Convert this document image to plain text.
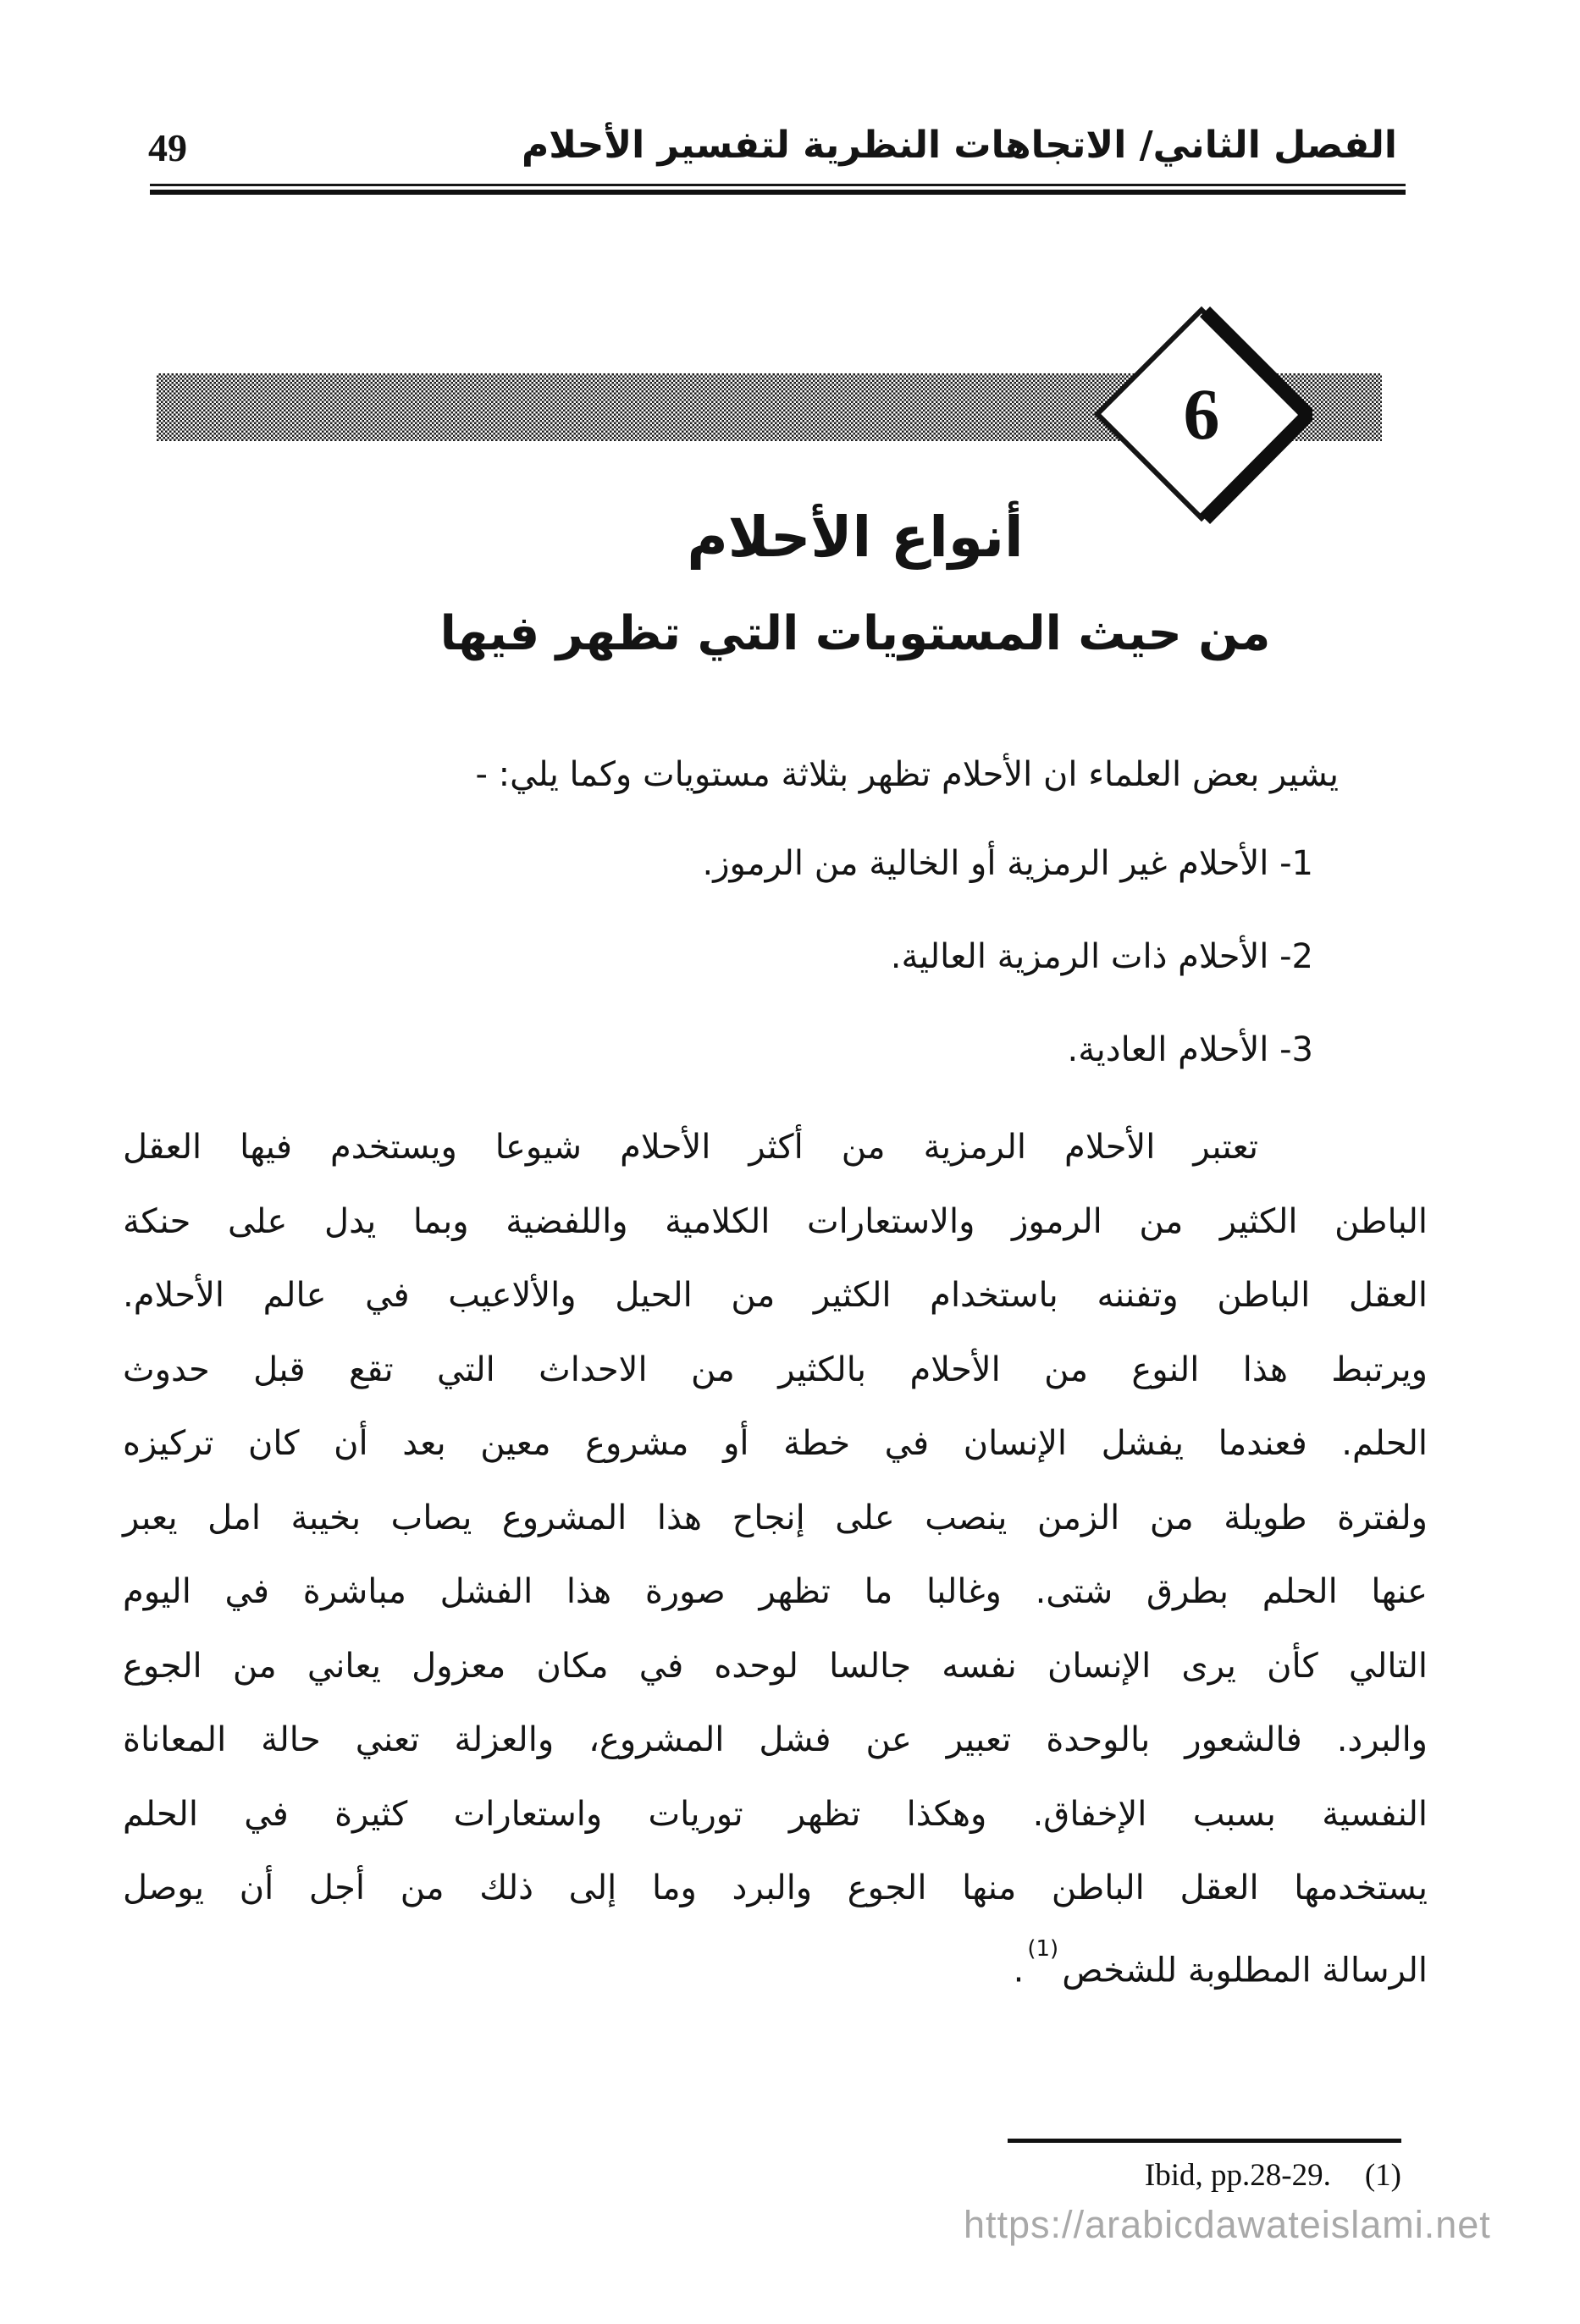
49	الفصل الثاني/ الاتجاهات النظرية لتفسير الأحلام
6
أنواع الأحلام
من حيث المستويات التي تظهر فيها
يشير بعض العلماء ان الأحلام تظهر بثلاثة مستويات وكما يلي: -
1- الأحلام غير الرمزية أو الخالية من الرموز.
2- الأحلام ذات الرمزية العالية.
3- الأحلام العادية.
تعتبر الأحلام الرمزية من أكثر الأحلام شيوعا ويستخدم فيها العقل
الباطن الكثير من الرموز والاستعارات الكلامية واللفضية وبما يدل على حنكة
العقل الباطن وتفننه باستخدام الكثير من الحيل والألاعيب في عالم الأحلام.
ويرتبط هذا النوع من الأحلام بالكثير من الاحداث التي تقع قبل حدوث
الحلم. فعندما يفشل الإنسان في خطة أو مشروع معين بعد أن كان تركيزه
ولفترة طويلة من الزمن ينصب على إنجاح هذا المشروع يصاب بخيبة امل يعبر
عنها الحلم بطرق شتى. وغالبا ما تظهر صورة هذا الفشل مباشرة في اليوم
التالي كأن يرى الإنسان نفسه جالسا لوحده في مكان معزول يعاني من الجوع
والبرد. فالشعور بالوحدة تعبير عن فشل المشروع، والعزلة تعني حالة المعاناة
النفسية بسبب الإخفاق. وهكذا تظهر توريات واستعارات كثيرة في الحلم
يستخدمها العقل الباطن منها الجوع والبرد وما إلى ذلك من أجل أن يوصل
الرسالة المطلوبة للشخص$^{(1)}$.
Ibid, pp.28-29. (1)
https://arabicdawateislami.net
